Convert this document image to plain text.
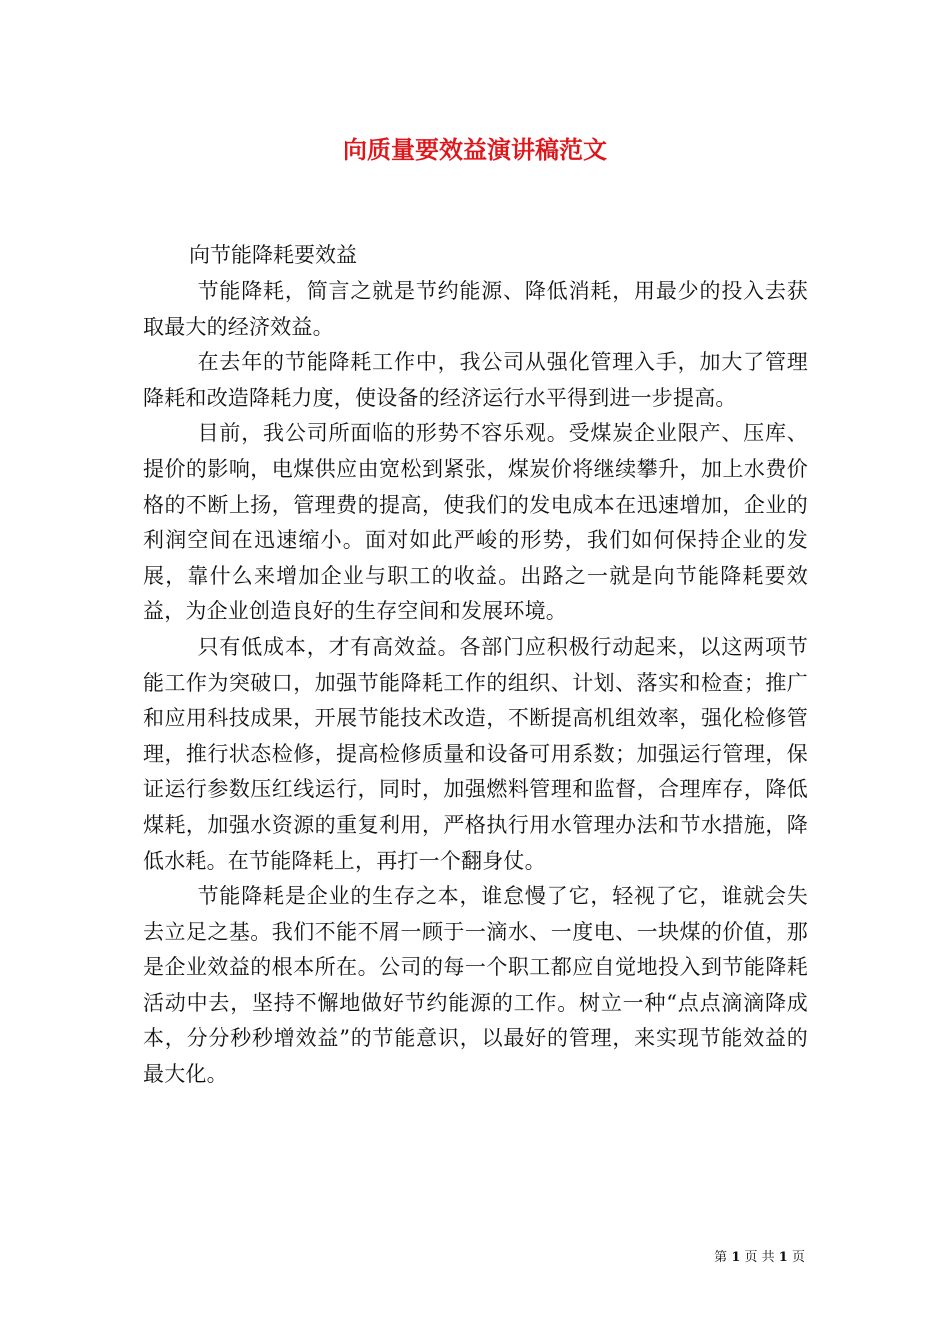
向质量要效益演讲稿范文

向节能降耗要效益

节能降耗，简言之就是节约能源、降低消耗，用最少的投入去获取最大的经济效益。

在去年的节能降耗工作中，我公司从强化管理入手，加大了管理降耗和改造降耗力度，使设备的经济运行水平得到进一步提高。

目前，我公司所面临的形势不容乐观。受煤炭企业限产、压库、提价的影响，电煤供应由宽松到紧张，煤炭价将继续攀升，加上水费价格的不断上扬，管理费的提高，使我们的发电成本在迅速增加，企业的利润空间在迅速缩小。面对如此严峻的形势，我们如何保持企业的发展，靠什么来增加企业与职工的收益。出路之一就是向节能降耗要效益，为企业创造良好的生存空间和发展环境。

只有低成本，才有高效益。各部门应积极行动起来，以这两项节能工作为突破口，加强节能降耗工作的组织、计划、落实和检查；推广和应用科技成果，开展节能技术改造，不断提高机组效率，强化检修管理，推行状态检修，提高检修质量和设备可用系数；加强运行管理，保证运行参数压红线运行，同时，加强燃料管理和监督，合理库存，降低煤耗，加强水资源的重复利用，严格执行用水管理办法和节水措施，降低水耗。在节能降耗上，再打一个翻身仗。

节能降耗是企业的生存之本，谁怠慢了它，轻视了它，谁就会失去立足之基。我们不能不屑一顾于一滴水、一度电、一块煤的价值，那是企业效益的根本所在。公司的每一个职工都应自觉地投入到节能降耗活动中去，坚持不懈地做好节约能源的工作。树立一种“点点滴滴降成本，分分秒秒增效益”的节能意识，以最好的管理，来实现节能效益的最大化。

第 1 页 共 1 页
